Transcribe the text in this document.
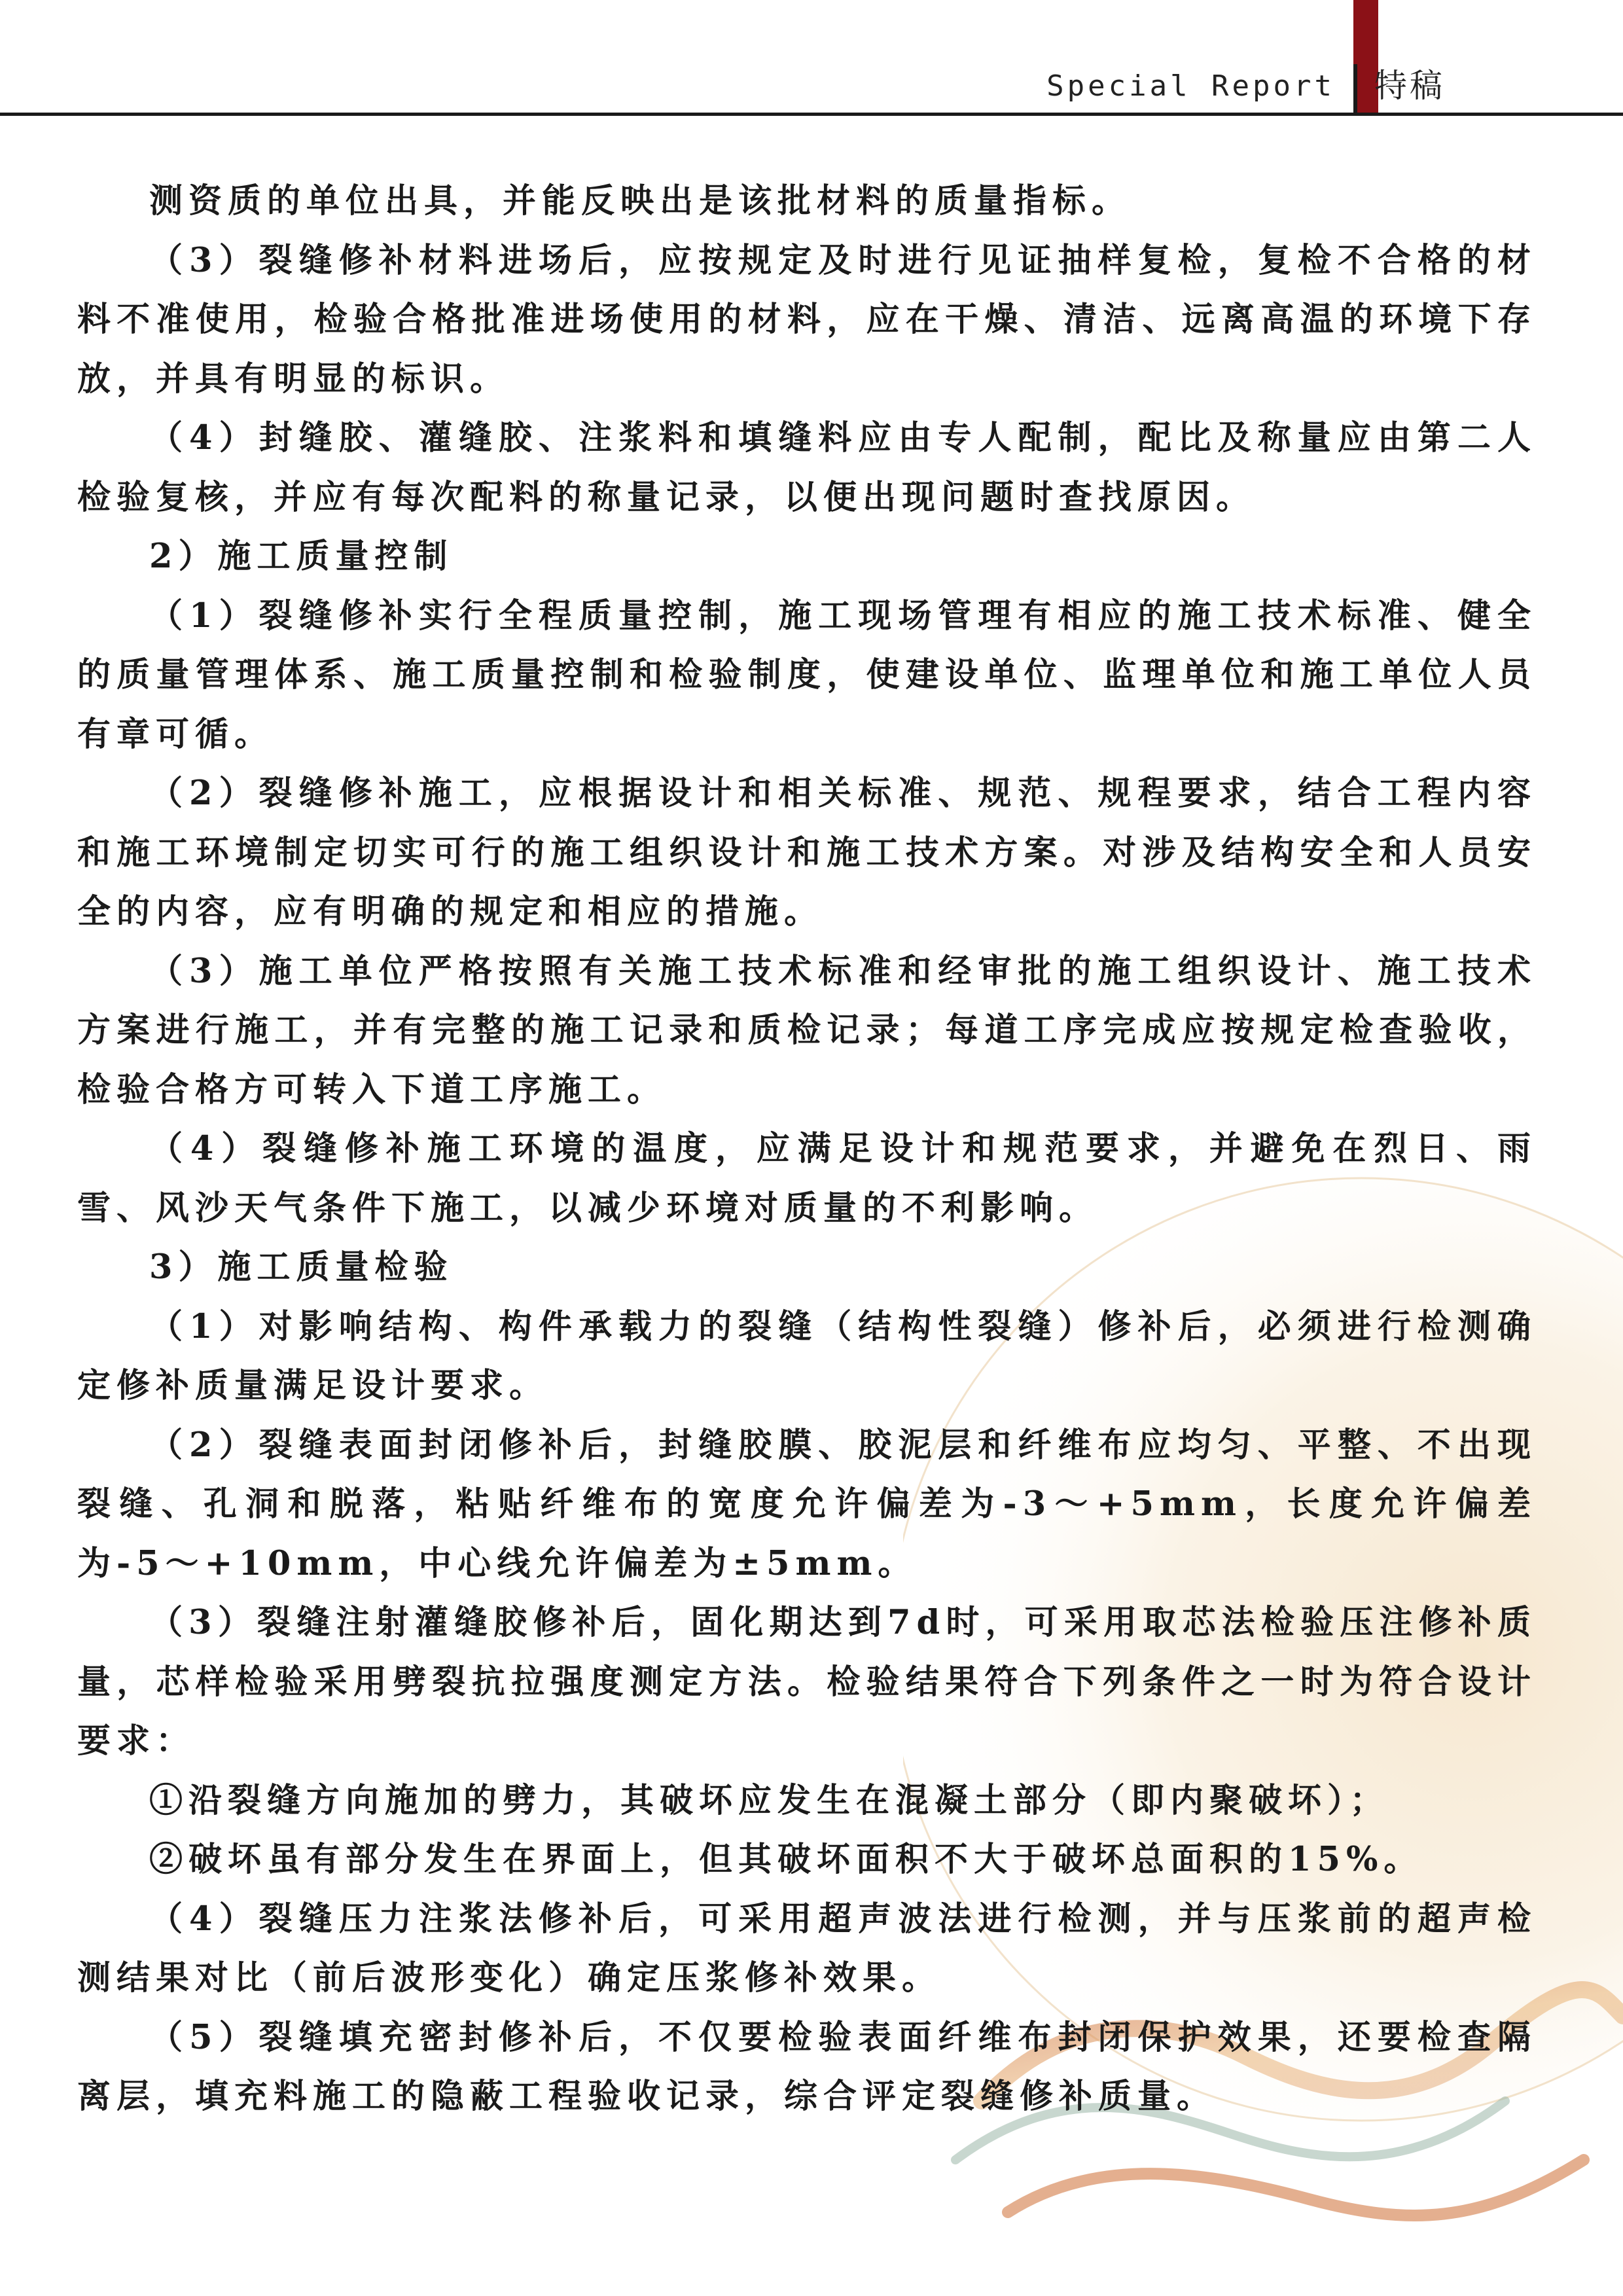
Special Report 特稿

测资质的单位出具，并能反映出是该批材料的质量指标。

（3）裂缝修补材料进场后，应按规定及时进行见证抽样复检，复检不合格的材料不准使用，检验合格批准进场使用的材料，应在干燥、清洁、远离高温的环境下存放，并具有明显的标识。

（4）封缝胶、灌缝胶、注浆料和填缝料应由专人配制，配比及称量应由第二人检验复核，并应有每次配料的称量记录，以便出现问题时查找原因。

2）施工质量控制

（1）裂缝修补实行全程质量控制，施工现场管理有相应的施工技术标准、健全的质量管理体系、施工质量控制和检验制度，使建设单位、监理单位和施工单位人员有章可循。

（2）裂缝修补施工，应根据设计和相关标准、规范、规程要求，结合工程内容和施工环境制定切实可行的施工组织设计和施工技术方案。对涉及结构安全和人员安全的内容，应有明确的规定和相应的措施。

（3）施工单位严格按照有关施工技术标准和经审批的施工组织设计、施工技术方案进行施工，并有完整的施工记录和质检记录；每道工序完成应按规定检查验收，检验合格方可转入下道工序施工。

（4）裂缝修补施工环境的温度，应满足设计和规范要求，并避免在烈日、雨雪、风沙天气条件下施工，以减少环境对质量的不利影响。

3）施工质量检验

（1）对影响结构、构件承载力的裂缝（结构性裂缝）修补后，必须进行检测确定修补质量满足设计要求。

（2）裂缝表面封闭修补后，封缝胶膜、胶泥层和纤维布应均匀、平整、不出现裂缝、孔洞和脱落，粘贴纤维布的宽度允许偏差为-3～+5mm，长度允许偏差为-5～+10mm，中心线允许偏差为±5mm。

（3）裂缝注射灌缝胶修补后，固化期达到7d时，可采用取芯法检验压注修补质量，芯样检验采用劈裂抗拉强度测定方法。检验结果符合下列条件之一时为符合设计要求：

①沿裂缝方向施加的劈力，其破坏应发生在混凝土部分（即内聚破坏）；

②破坏虽有部分发生在界面上，但其破坏面积不大于破坏总面积的15%。

（4）裂缝压力注浆法修补后，可采用超声波法进行检测，并与压浆前的超声检测结果对比（前后波形变化）确定压浆修补效果。

（5）裂缝填充密封修补后，不仅要检验表面纤维布封闭保护效果，还要检查隔离层，填充料施工的隐蔽工程验收记录，综合评定裂缝修补质量。
